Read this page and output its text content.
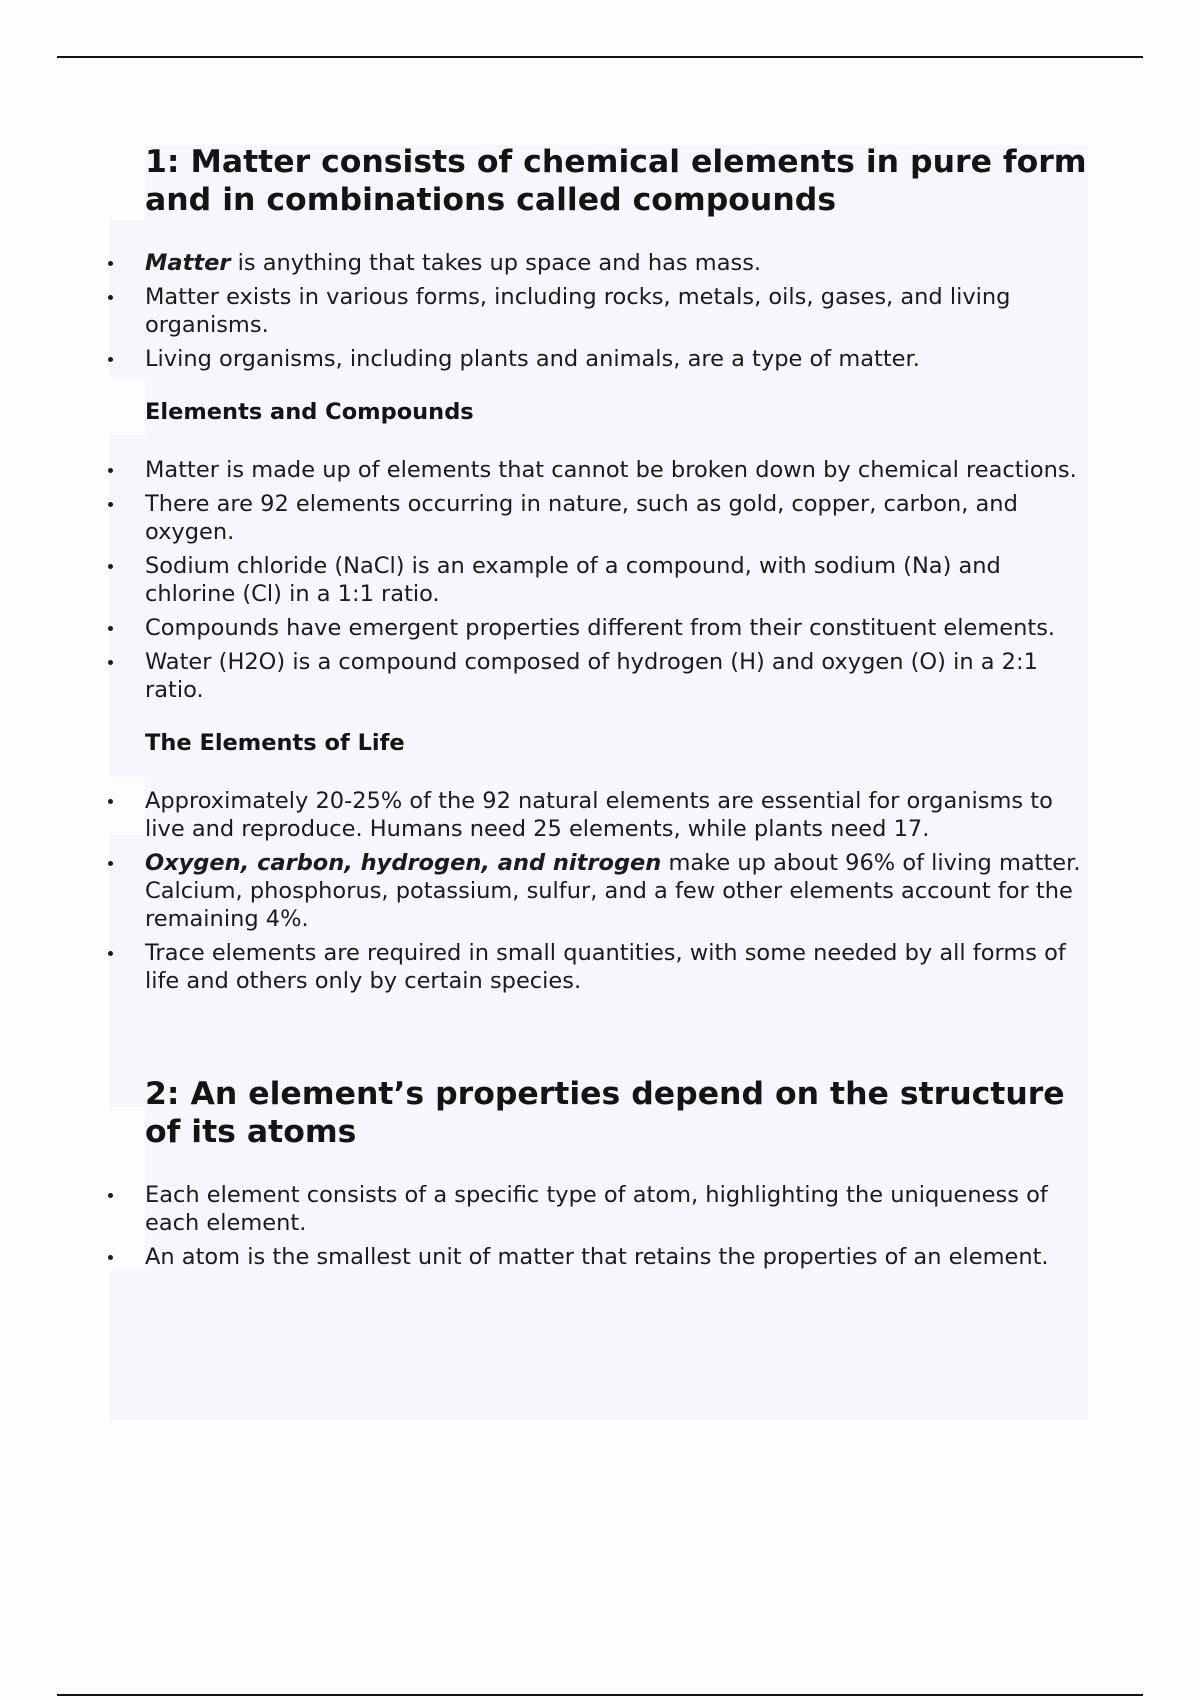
1: Matter consists of chemical elements in pure form and in combinations called compounds
Matter is anything that takes up space and has mass.
Matter exists in various forms, including rocks, metals, oils, gases, and living organisms.
Living organisms, including plants and animals, are a type of matter.
Elements and Compounds
Matter is made up of elements that cannot be broken down by chemical reactions.
There are 92 elements occurring in nature, such as gold, copper, carbon, and oxygen.
Sodium chloride (NaCl) is an example of a compound, with sodium (Na) and chlorine (Cl) in a 1:1 ratio.
Compounds have emergent properties different from their constituent elements.
Water (H2O) is a compound composed of hydrogen (H) and oxygen (O) in a 2:1 ratio.
The Elements of Life
Approximately 20-25% of the 92 natural elements are essential for organisms to live and reproduce. Humans need 25 elements, while plants need 17.
Oxygen, carbon, hydrogen, and nitrogen make up about 96% of living matter. Calcium, phosphorus, potassium, sulfur, and a few other elements account for the remaining 4%.
Trace elements are required in small quantities, with some needed by all forms of life and others only by certain species.
2: An element’s properties depend on the structure of its atoms
Each element consists of a specific type of atom, highlighting the uniqueness of each element.
An atom is the smallest unit of matter that retains the properties of an element.
